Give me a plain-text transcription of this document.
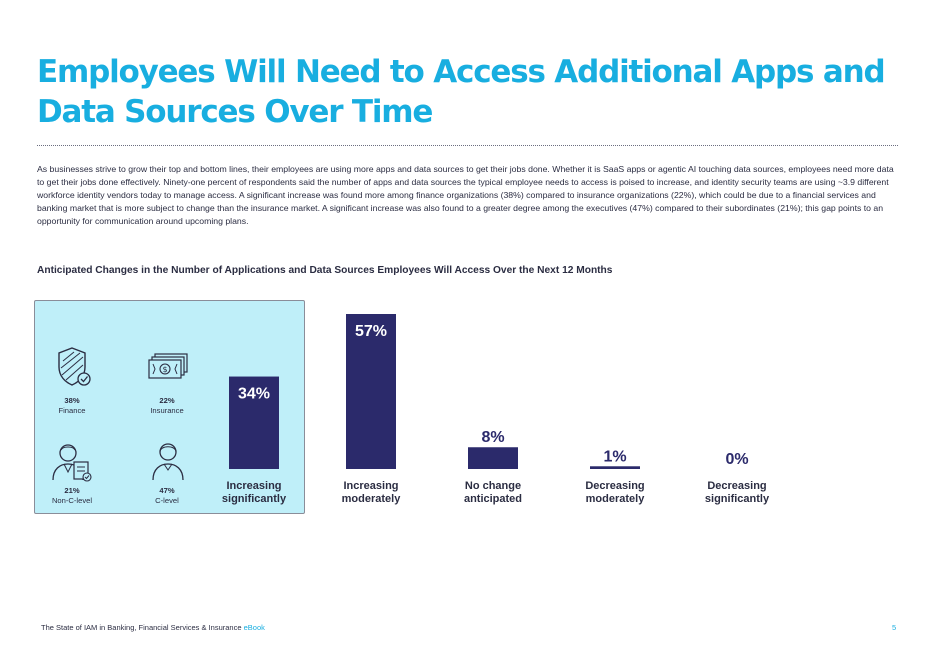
Employees Will Need to Access Additional Apps and Data Sources Over Time

As businesses strive to grow their top and bottom lines, their employees are using more apps and data sources to get their jobs done. Whether it is SaaS apps or agentic AI touching data sources, employees need more data to get their jobs done effectively. Ninety-one percent of respondents said the number of apps and data sources the typical employee needs to access is poised to increase, and identity security teams are using ~3.9 different workforce identity vendors today to manage access. A significant increase was found more among finance organizations (38%) compared to insurance organizations (22%), which could be due to a financial services and banking market that is more subject to change than the insurance market. A significant increase was also found to a greater degree among the executives (47%) compared to their subordinates (21%); this gap points to an opportunity for communication around upcoming plans.

Anticipated Changes in the Number of Applications and Data Sources Employees Will Access Over the Next 12 Months

38%
Finance
$
22%
Insurance
21%
Non-C-level
47%
C-level
34%
Increasing significantly
57%
Increasing moderately
8%
No change anticipated
1%
Decreasing moderately
0%
Decreasing significantly
The State of IAM in Banking, Financial Services & Insurance eBook	5
